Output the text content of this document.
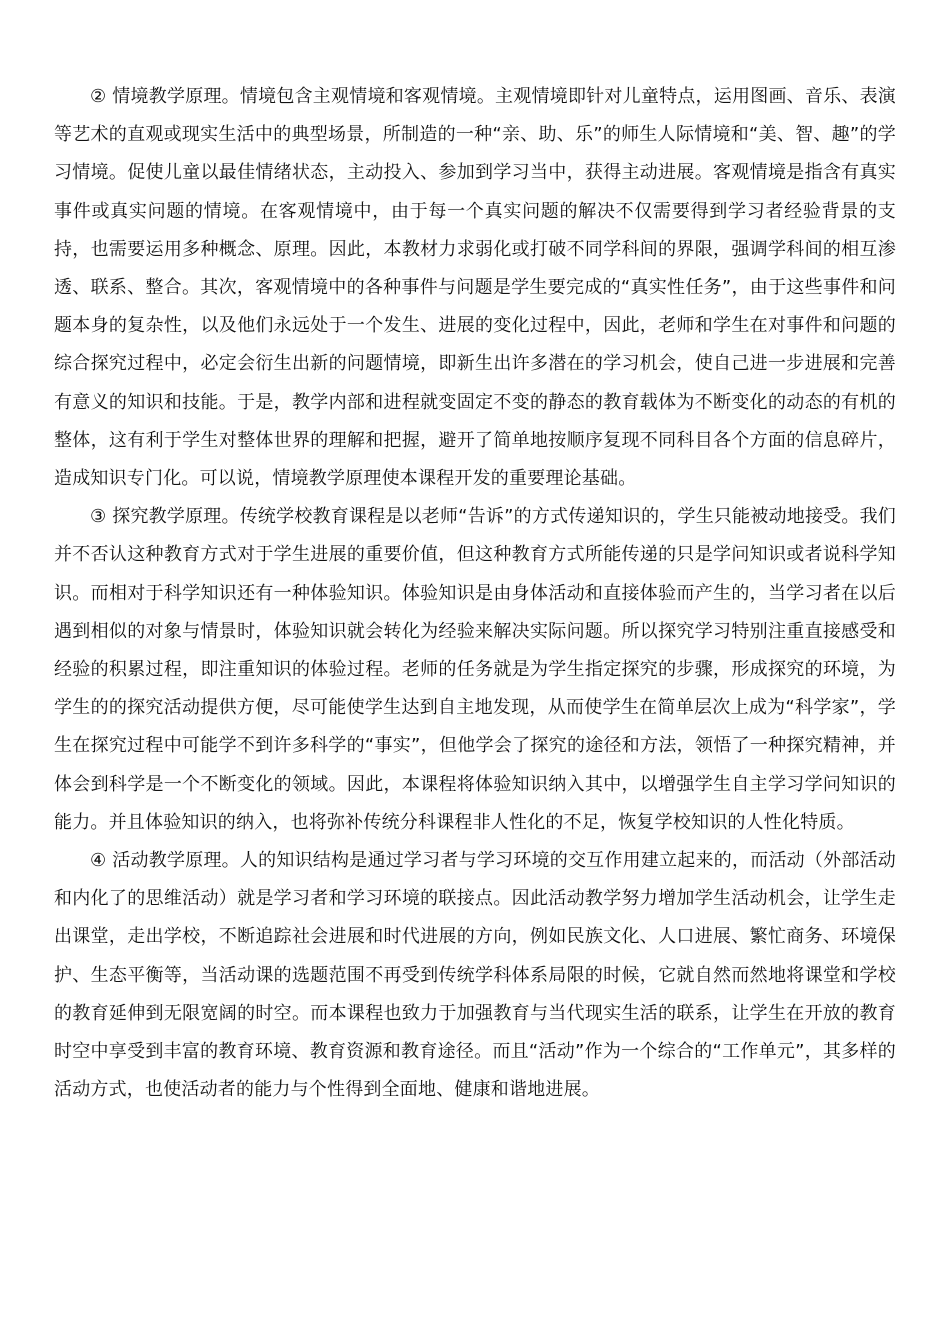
② 情境教学原理。情境包含主观情境和客观情境。主观情境即针对儿童特点，运用图画、音乐、表演等艺术的直观或现实生活中的典型场景，所制造的一种“亲、助、乐”的师生人际情境和“美、智、趣”的学习情境。促使儿童以最佳情绪状态，主动投入、参加到学习当中，获得主动进展。客观情境是指含有真实事件或真实问题的情境。在客观情境中，由于每一个真实问题的解决不仅需要得到学习者经验背景的支持，也需要运用多种概念、原理。因此，本教材力求弱化或打破不同学科间的界限，强调学科间的相互渗透、联系、整合。其次，客观情境中的各种事件与问题是学生要完成的“真实性任务”，由于这些事件和问题本身的复杂性，以及他们永远处于一个发生、进展的变化过程中，因此，老师和学生在对事件和问题的综合探究过程中，必定会衍生出新的问题情境，即新生出许多潜在的学习机会，使自己进一步进展和完善有意义的知识和技能。于是，教学内部和进程就变固定不变的静态的教育载体为不断变化的动态的有机的整体，这有利于学生对整体世界的理解和把握，避开了简单地按顺序复现不同科目各个方面的信息碎片，造成知识专门化。可以说，情境教学原理使本课程开发的重要理论基础。

③ 探究教学原理。传统学校教育课程是以老师“告诉”的方式传递知识的，学生只能被动地接受。我们并不否认这种教育方式对于学生进展的重要价值，但这种教育方式所能传递的只是学问知识或者说科学知识。而相对于科学知识还有一种体验知识。体验知识是由身体活动和直接体验而产生的，当学习者在以后遇到相似的对象与情景时，体验知识就会转化为经验来解决实际问题。所以探究学习特别注重直接感受和经验的积累过程，即注重知识的体验过程。老师的任务就是为学生指定探究的步骤，形成探究的环境，为学生的的探究活动提供方便，尽可能使学生达到自主地发现，从而使学生在简单层次上成为“科学家”，学生在探究过程中可能学不到许多科学的“事实”，但他学会了探究的途径和方法，领悟了一种探究精神，并体会到科学是一个不断变化的领域。因此，本课程将体验知识纳入其中，以增强学生自主学习学问知识的能力。并且体验知识的纳入，也将弥补传统分科课程非人性化的不足，恢复学校知识的人性化特质。

④ 活动教学原理。人的知识结构是通过学习者与学习环境的交互作用建立起来的，而活动（外部活动和内化了的思维活动）就是学习者和学习环境的联接点。因此活动教学努力增加学生活动机会，让学生走出课堂，走出学校，不断追踪社会进展和时代进展的方向，例如民族文化、人口进展、繁忙商务、环境保护、生态平衡等，当活动课的选题范围不再受到传统学科体系局限的时候，它就自然而然地将课堂和学校的教育延伸到无限宽阔的时空。而本课程也致力于加强教育与当代现实生活的联系，让学生在开放的教育时空中享受到丰富的教育环境、教育资源和教育途径。而且“活动”作为一个综合的“工作单元”，其多样的活动方式，也使活动者的能力与个性得到全面地、健康和谐地进展。
